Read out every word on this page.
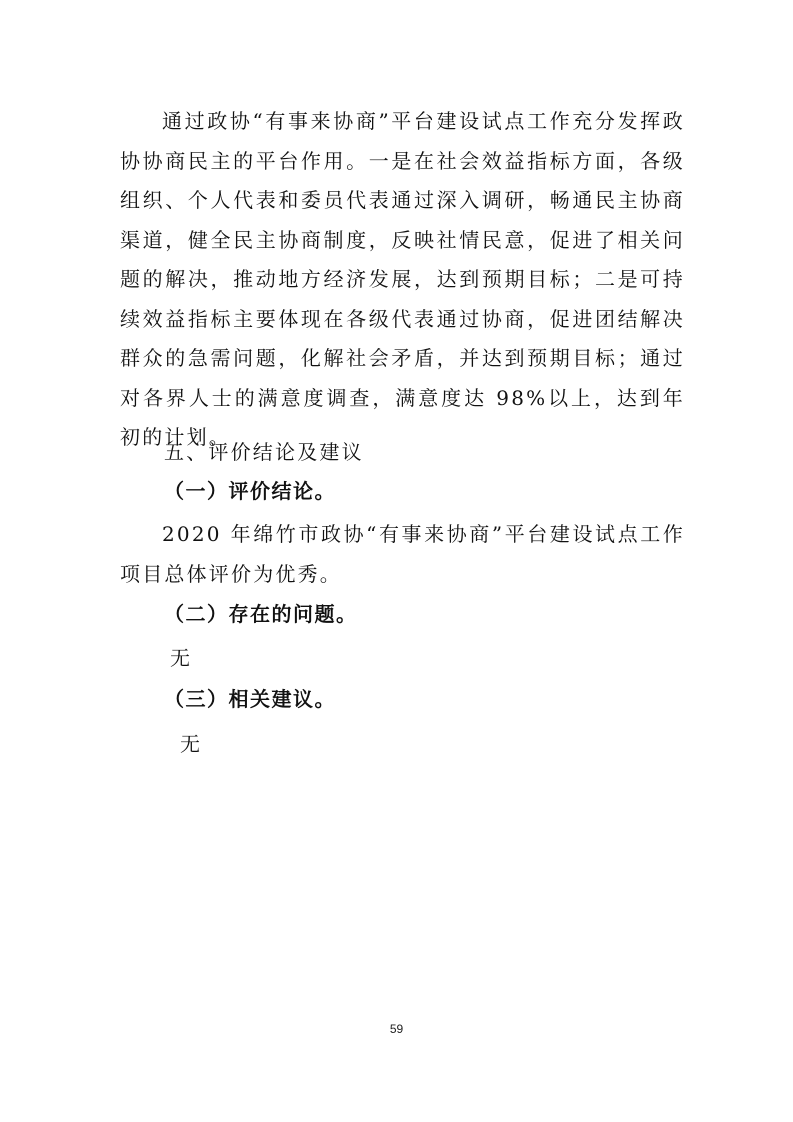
通过政协“有事来协商”平台建设试点工作充分发挥政协协商民主的平台作用。一是在社会效益指标方面，各级组织、个人代表和委员代表通过深入调研，畅通民主协商渠道，健全民主协商制度，反映社情民意，促进了相关问题的解决，推动地方经济发展，达到预期目标；二是可持续效益指标主要体现在各级代表通过协商，促进团结解决群众的急需问题，化解社会矛盾，并达到预期目标；通过对各界人士的满意度调查，满意度达 98%以上，达到年初的计划。

五、评价结论及建议

（一）评价结论。

2020 年绵竹市政协“有事来协商”平台建设试点工作项目总体评价为优秀。

（二）存在的问题。

无

（三）相关建议。

无

59
